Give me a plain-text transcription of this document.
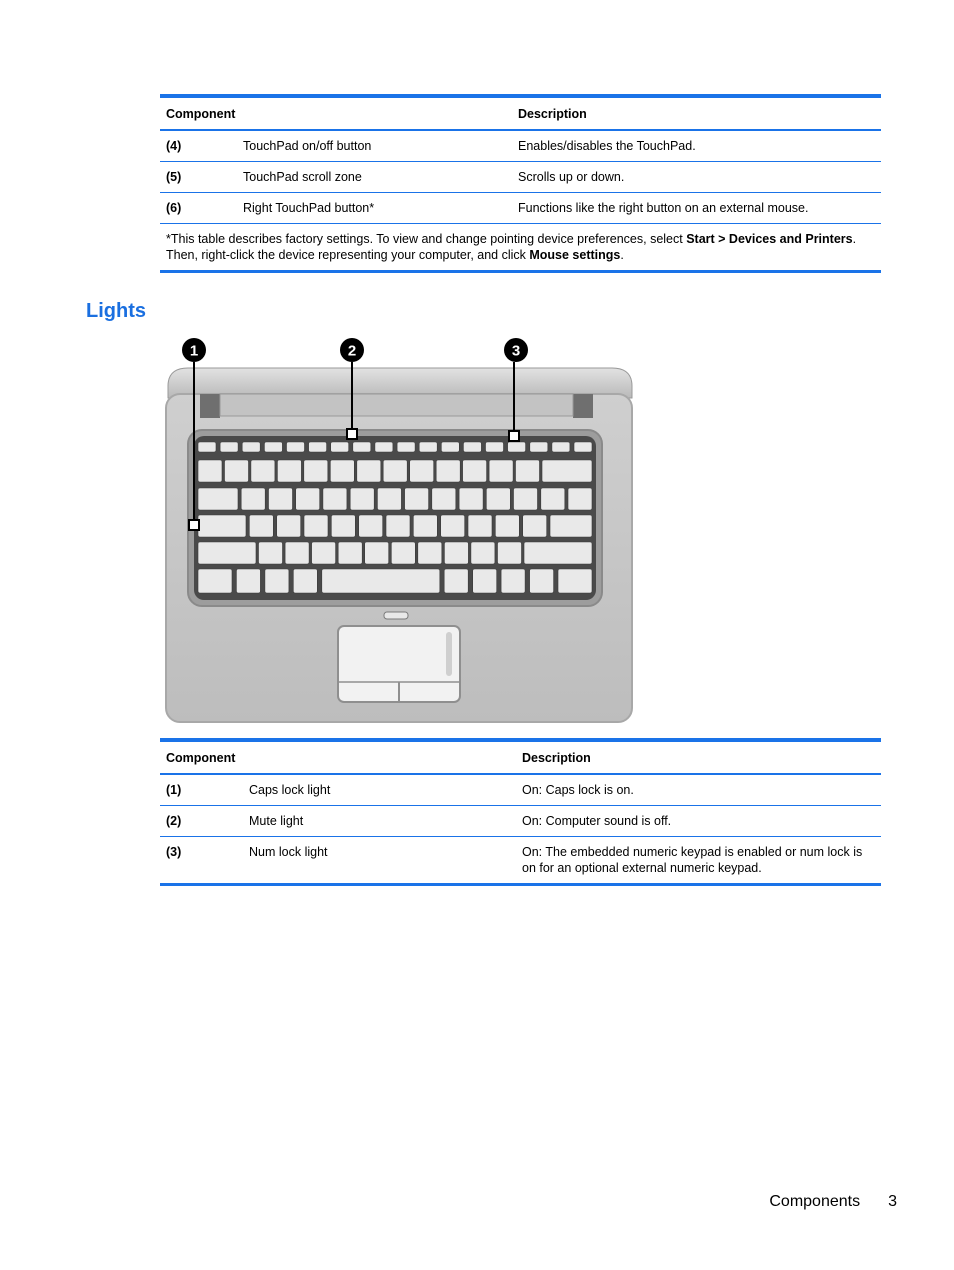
Component		Description
(4)	TouchPad on/off button	Enables/disables the TouchPad.
(5)	TouchPad scroll zone	Scrolls up or down.
(6)	Right TouchPad button*	Functions like the right button on an external mouse.
*This table describes factory settings. To view and change pointing device preferences, select Start > Devices and Printers. Then, right-click the device representing your computer, and click Mouse settings.		
Lights
1	2	3
Component		Description
(1)	Caps lock light	On: Caps lock is on.
(2)	Mute light	On: Computer sound is off.
(3)	Num lock light	On: The embedded numeric keypad is enabled or num lock is on for an optional external numeric keypad.
Components 3
